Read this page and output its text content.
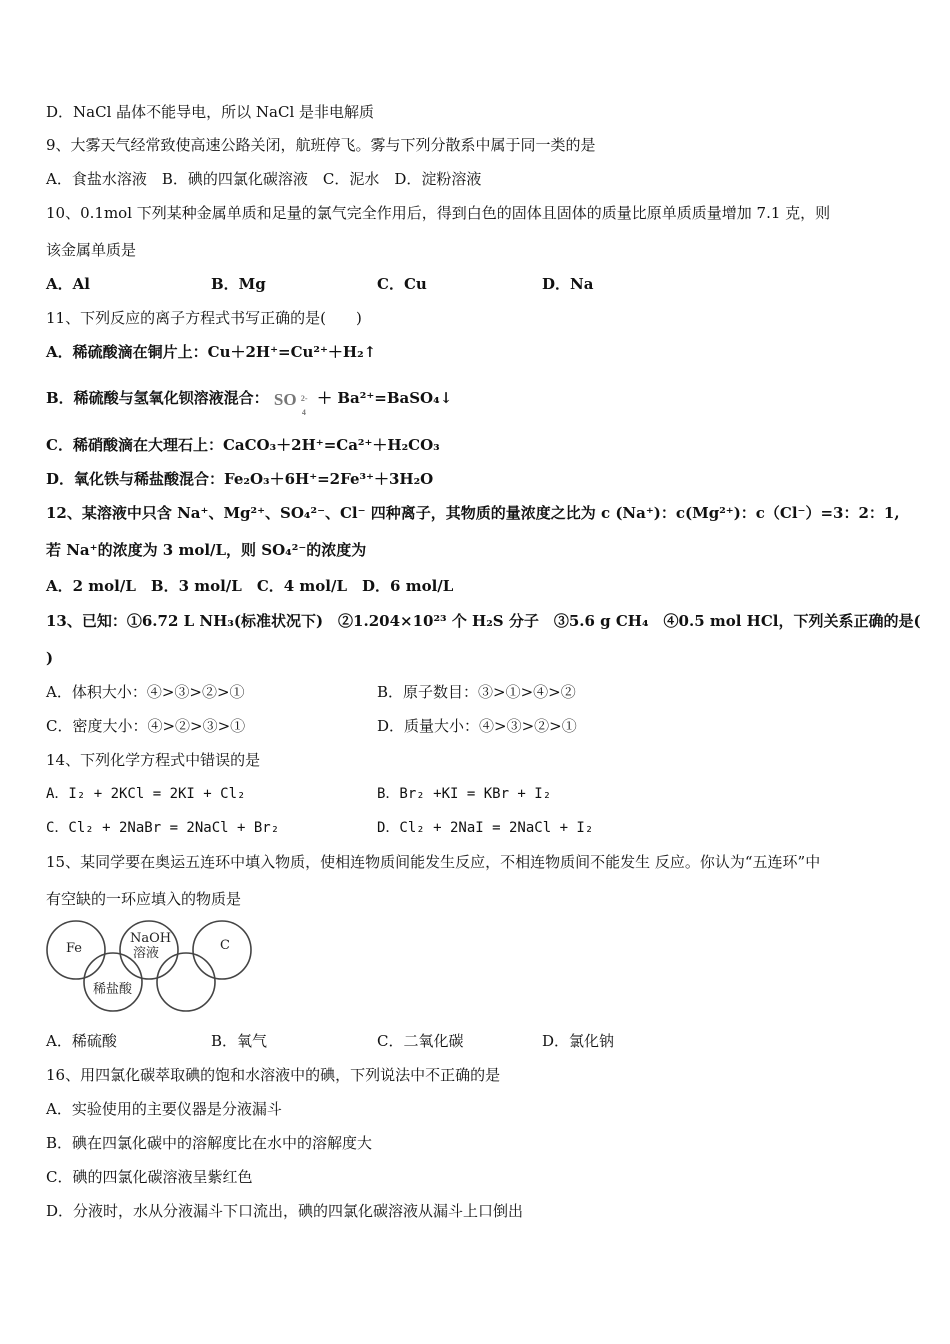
D．NaCl 晶体不能导电，所以 NaCl 是非电解质
9、大雾天气经常致使高速公路关闭，航班停飞。雾与下列分散系中属于同一类的是
A．食盐水溶液　B．碘的四氯化碳溶液　C．泥水　D．淀粉溶液
10、0.1mol 下列某种金属单质和足量的氯气完全作用后，得到白色的固体且固体的质量比原单质质量增加 7.1 克，则
该金属单质是
A．Al	B．Mg	C．Cu	D．Na
11、下列反应的离子方程式书写正确的是(　　)
A．稀硫酸滴在铜片上：Cu＋2H⁺=Cu²⁺＋H₂↑
B．稀硫酸与氢氧化钡溶液混合： SO 2-
4
＋ Ba²⁺=BaSO₄↓
C．稀硝酸滴在大理石上：CaCO₃＋2H⁺=Ca²⁺＋H₂CO₃
D．氧化铁与稀盐酸混合：Fe₂O₃＋6H⁺=2Fe³⁺＋3H₂O
12、某溶液中只含 Na⁺、Mg²⁺、SO₄²⁻、Cl⁻ 四种离子，其物质的量浓度之比为 c (Na⁺)：c(Mg²⁺)：c（Cl⁻）=3：2：1,
若 Na⁺的浓度为 3 mol/L，则 SO₄²⁻的浓度为
A．2 mol/L　B．3 mol/L　C．4 mol/L　D．6 mol/L
13、已知：①6.72 L NH₃(标准状况下)　②1.204×10²³ 个 H₂S 分子　③5.6 g CH₄　④0.5 mol HCl，下列关系正确的是(
)
A．体积大小：④>③>②>①	B．原子数目：③>①>④>②
C．密度大小：④>②>③>①	D．质量大小：④>③>②>①
14、下列化学方程式中错误的是
A．I₂ + 2KCl = 2KI + Cl₂	B．Br₂ +KI = KBr + I₂
C．Cl₂ + 2NaBr = 2NaCl + Br₂	D．Cl₂ + 2NaI = 2NaCl + I₂
15、某同学要在奥运五连环中填入物质，使相连物质间能发生反应，不相连物质间不能发生 反应。你认为“五连环”中
有空缺的一环应填入的物质是
Fe
NaOH
溶液
C
稀盐酸
A．稀硫酸	B．氧气	C．二氧化碳	D．氯化钠
16、用四氯化碳萃取碘的饱和水溶液中的碘，下列说法中不正确的是
A．实验使用的主要仪器是分液漏斗
B．碘在四氯化碳中的溶解度比在水中的溶解度大
C．碘的四氯化碳溶液呈紫红色
D．分液时，水从分液漏斗下口流出，碘的四氯化碳溶液从漏斗上口倒出
